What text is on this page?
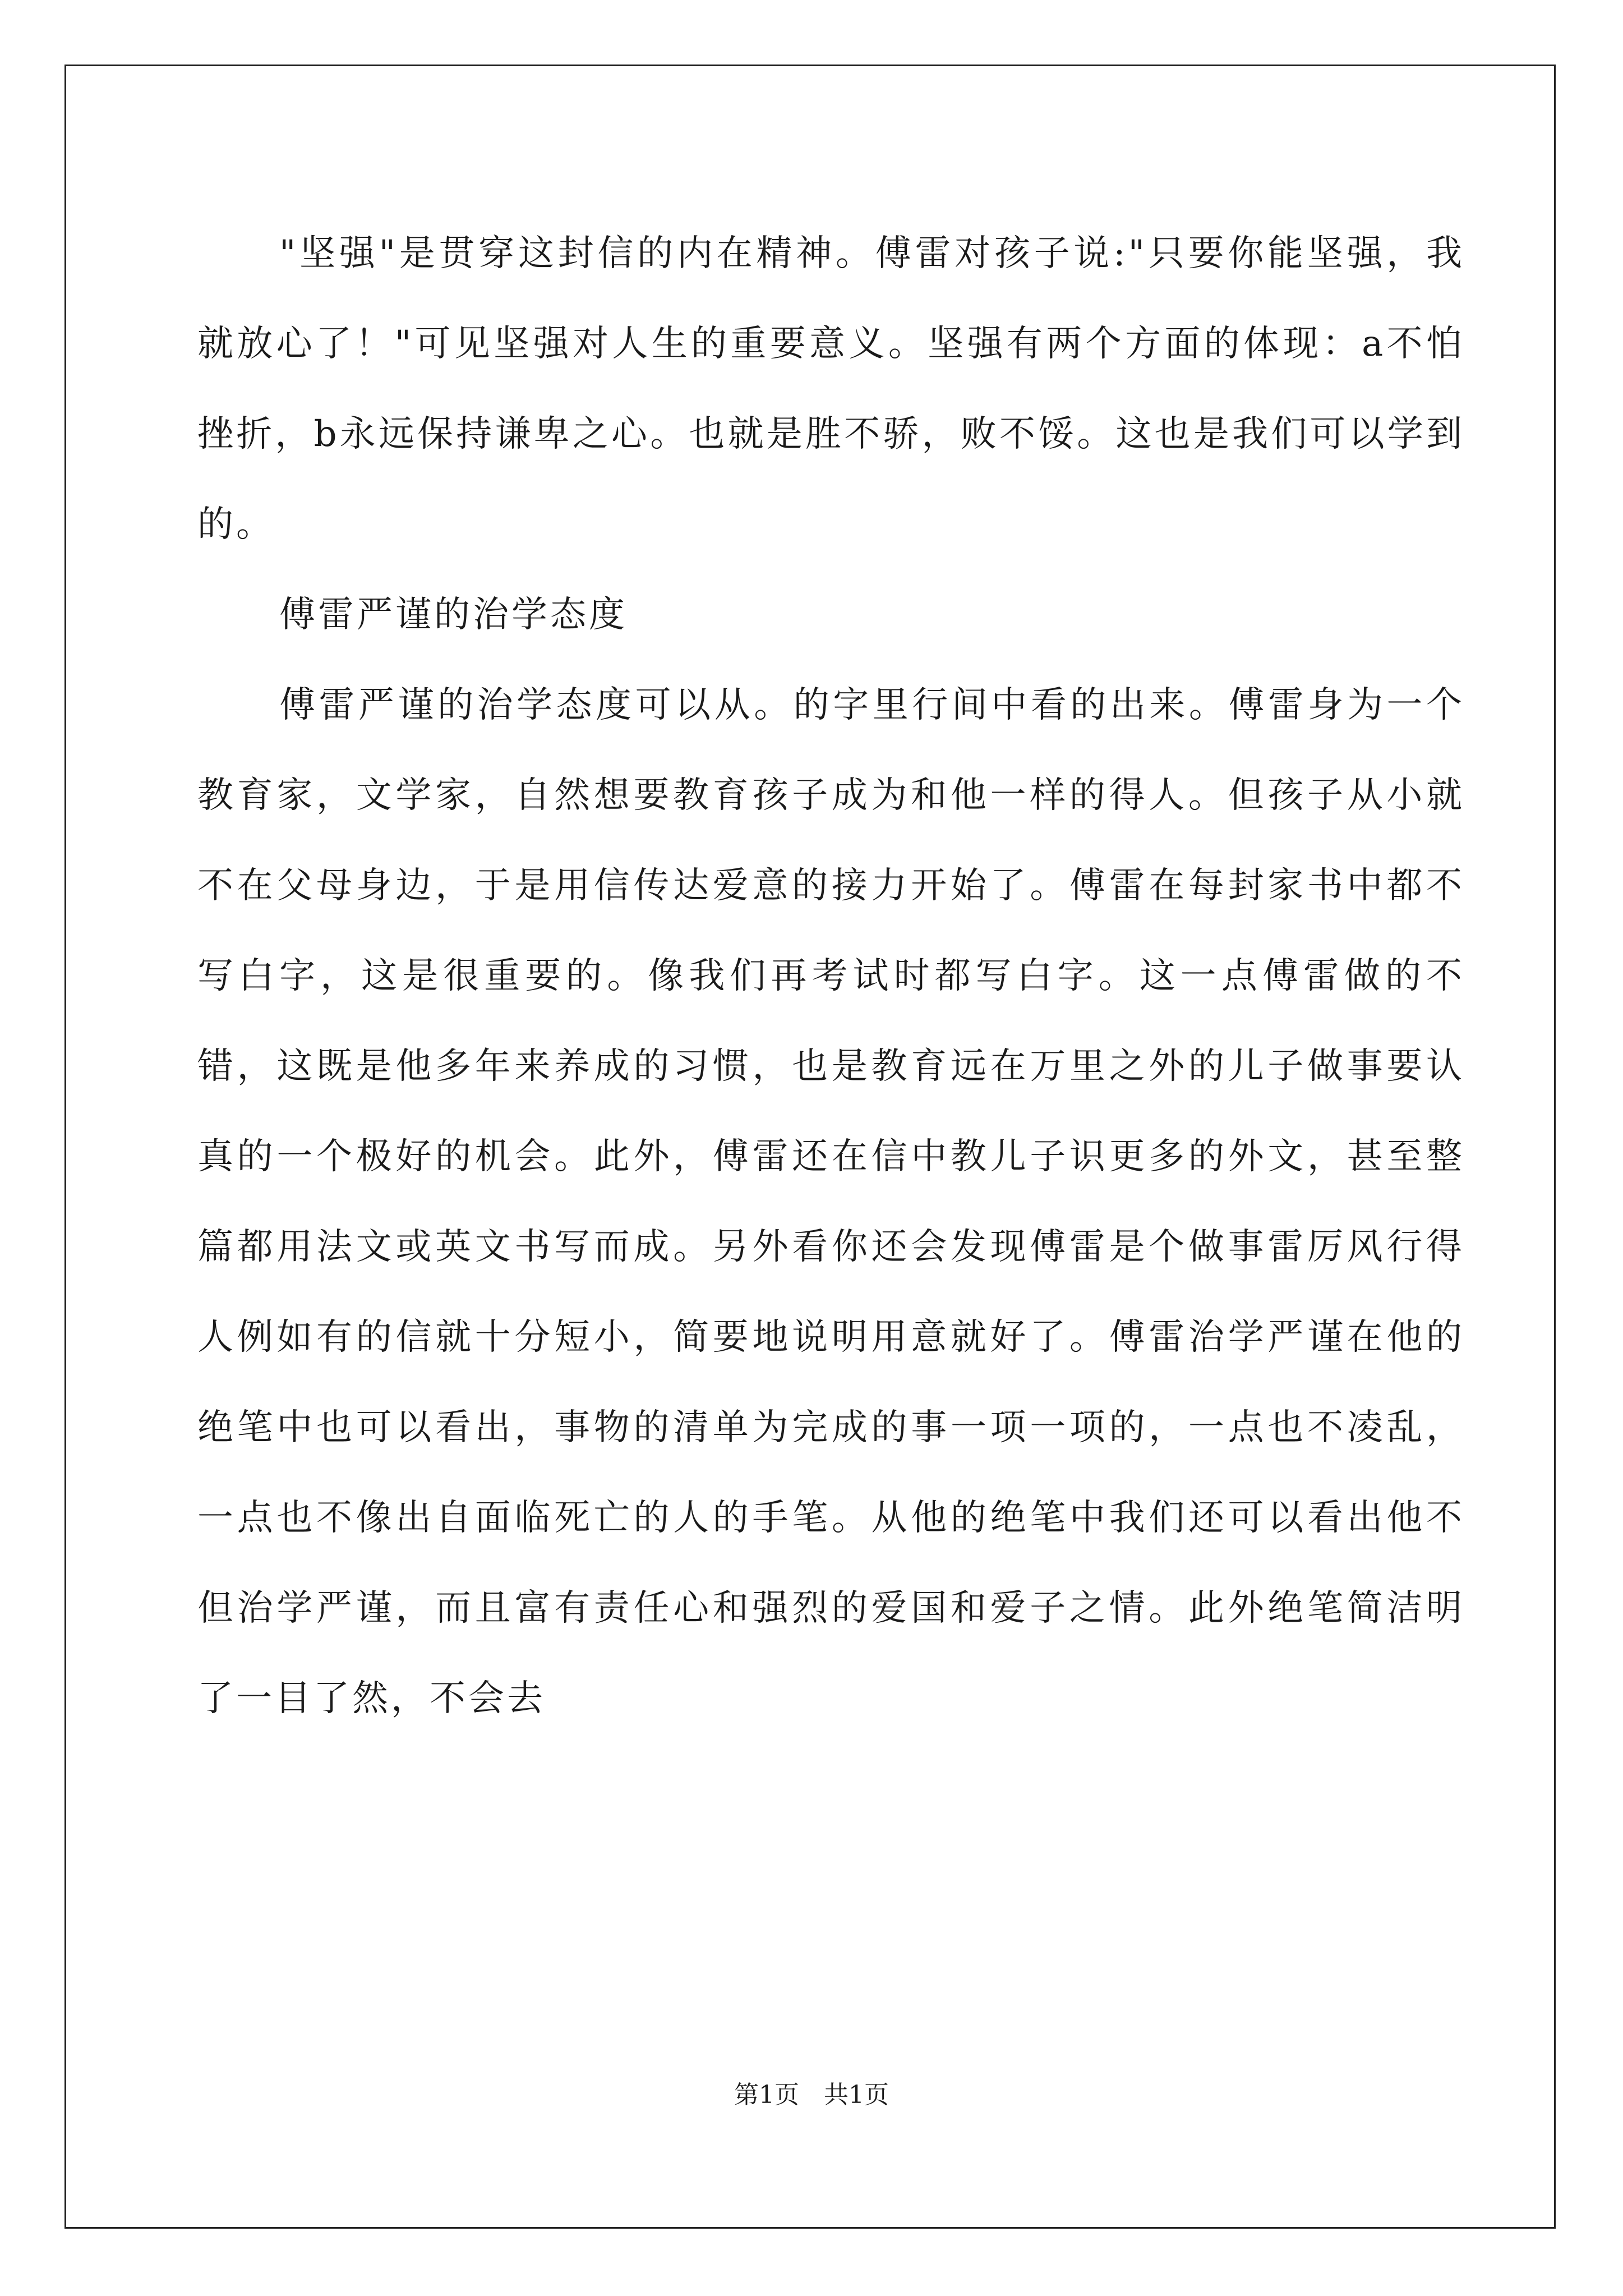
"坚强"是贯穿这封信的内在精神。傅雷对孩子说:"只要你能坚强，我就放心了！"可见坚强对人生的重要意义。坚强有两个方面的体现：a不怕挫折，b永远保持谦卑之心。也就是胜不骄，败不馁。这也是我们可以学到的。

傅雷严谨的治学态度

傅雷严谨的治学态度可以从。的字里行间中看的出来。傅雷身为一个教育家，文学家，自然想要教育孩子成为和他一样的得人。但孩子从小就不在父母身边，于是用信传达爱意的接力开始了。傅雷在每封家书中都不写白字，这是很重要的。像我们再考试时都写白字。这一点傅雷做的不错，这既是他多年来养成的习惯，也是教育远在万里之外的儿子做事要认真的一个极好的机会。此外，傅雷还在信中教儿子识更多的外文，甚至整篇都用法文或英文书写而成。另外看你还会发现傅雷是个做事雷厉风行得人例如有的信就十分短小，简要地说明用意就好了。傅雷治学严谨在他的绝笔中也可以看出，事物的清单为完成的事一项一项的，一点也不凌乱，一点也不像出自面临死亡的人的手笔。从他的绝笔中我们还可以看出他不但治学严谨，而且富有责任心和强烈的爱国和爱子之情。此外绝笔简洁明了一目了然，不会去

第1页　共1页
